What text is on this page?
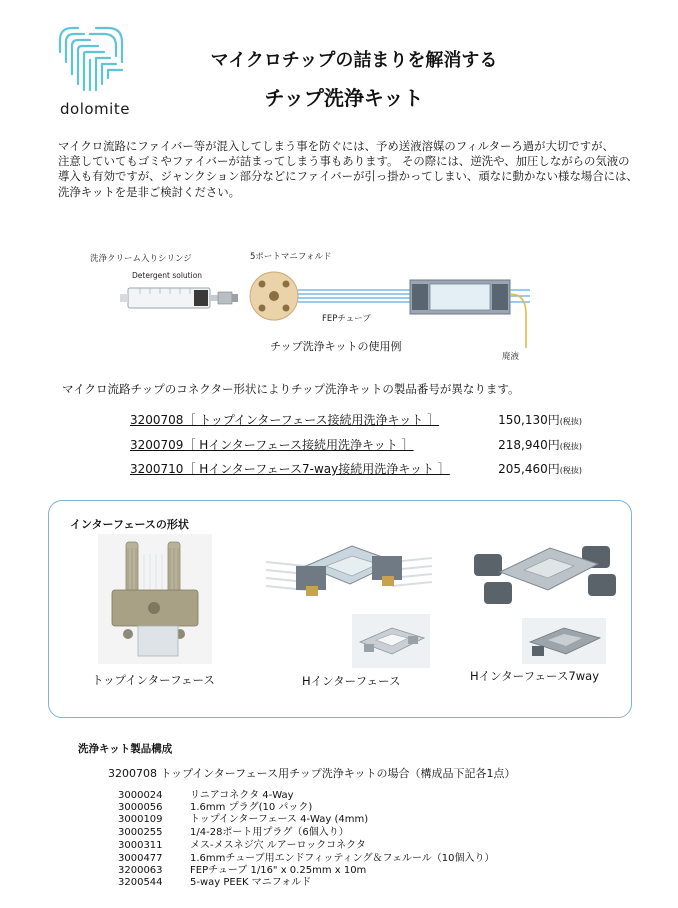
dolomite
マイクロチップの詰まりを解消する
チップ洗浄キット
マイクロ流路にファイバー等が混入してしまう事を防ぐには、予め送液溶媒のフィルターろ過が大切ですが、
注意していてもゴミやファイバーが詰まってしまう事もあります。 その際には、逆洗や、加圧しながらの気液の
導入も有効ですが、ジャンクション部分などにファイバーが引っ掛かってしまい、頑なに動かない様な場合には、
洗浄キットを是非ご検討ください。
洗浄クリーム入りシリンジ
Detergent solution
5ポートマニフォルド
FEPチューブ
廃液
チップ洗浄キットの使用例
マイクロ流路チップのコネクター形状によりチップ洗浄キットの製品番号が異なります。
3200708［ トップインターフェース接続用洗浄キット ］	150,130円(税抜)
3200709［ Hインターフェース接続用洗浄キット ］	218,940円(税抜)
3200710［ Hインターフェース7-way接続用洗浄キット ］	205,460円(税抜)
インターフェースの形状
トップインターフェース	Hインターフェース	Hインターフェース7way
洗浄キット製品構成
3200708 トップインターフェース用チップ洗浄キットの場合（構成品下記各1点）
3000024	リニアコネクタ 4-Way
3000056	1.6mm プラグ(10 パック)
3000109	トップインターフェース 4-Way (4mm)
3000255	1/4-28ポート用プラグ（6個入り）
3000311	メス-メスネジ穴 ルアーロックコネクタ
3000477	1.6mmチューブ用エンドフィッティング＆フェルール（10個入り）
3200063	FEPチューブ 1/16" x 0.25mm x 10m
3200544	5-way PEEK マニフォルド
